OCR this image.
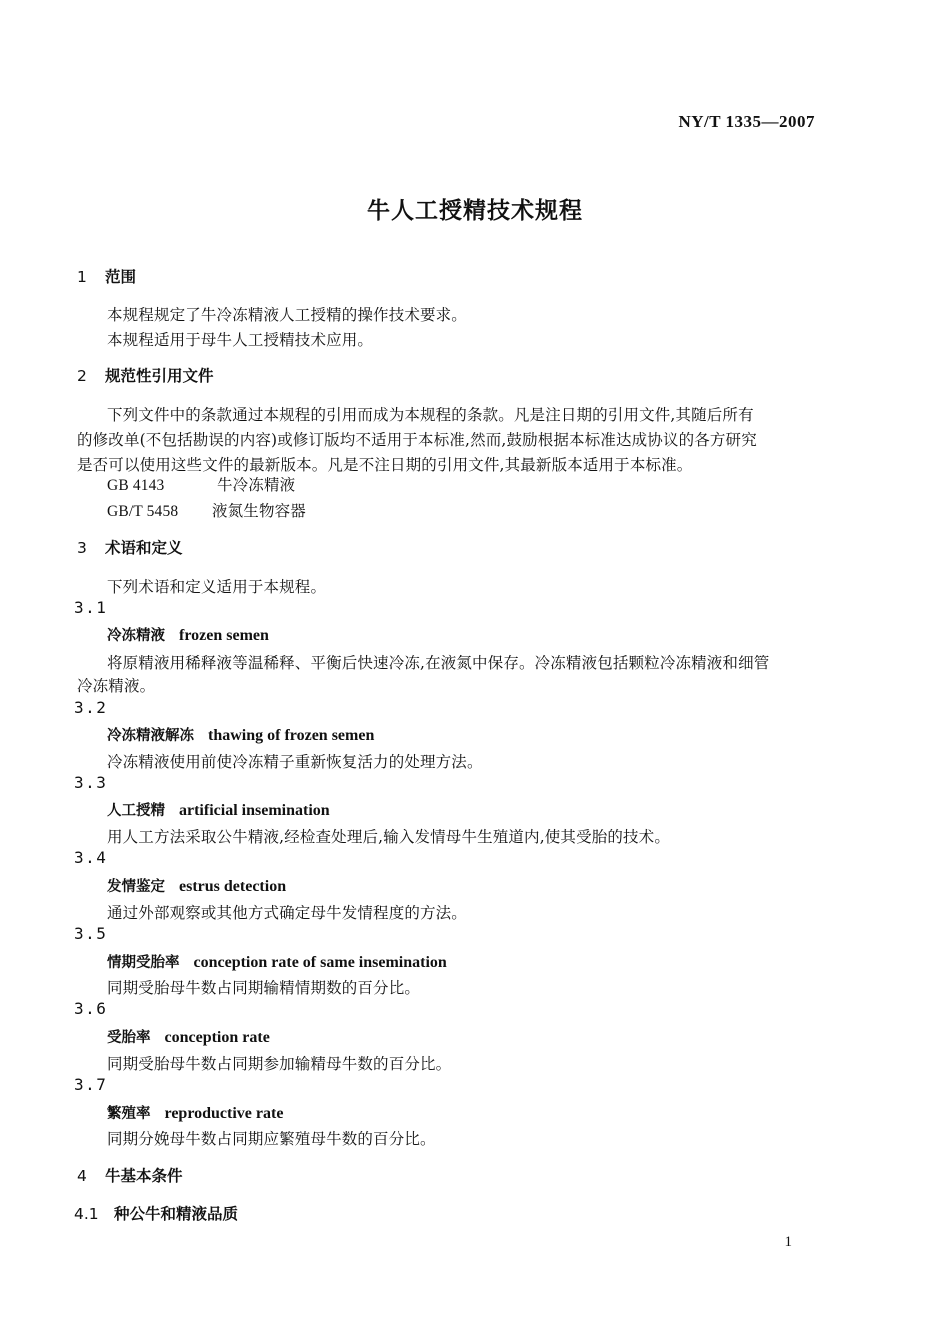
NY/T 1335—2007
牛人工授精技术规程
1 范围
本规程规定了牛冷冻精液人工授精的操作技术要求。
本规程适用于母牛人工授精技术应用。
2 规范性引用文件
下列文件中的条款通过本规程的引用而成为本规程的条款。凡是注日期的引用文件,其随后所有
的修改单(不包括勘误的内容)或修订版均不适用于本标准,然而,鼓励根据本标准达成协议的各方研究
是否可以使用这些文件的最新版本。凡是不注日期的引用文件,其最新版本适用于本标准。
GB 4143	牛冷冻精液
GB/T 5458 液氮生物容器
3 术语和定义
下列术语和定义适用于本规程。
3.1
冷冻精液 frozen semen
将原精液用稀释液等温稀释、平衡后快速冷冻,在液氮中保存。冷冻精液包括颗粒冷冻精液和细管
冷冻精液。
3.2
冷冻精液解冻 thawing of frozen semen
冷冻精液使用前使冷冻精子重新恢复活力的处理方法。
3.3
人工授精 artificial insemination
用人工方法采取公牛精液,经检查处理后,输入发情母牛生殖道内,使其受胎的技术。
3.4
发情鉴定 estrus detection
通过外部观察或其他方式确定母牛发情程度的方法。
3.5
情期受胎率 conception rate of same insemination
同期受胎母牛数占同期输精情期数的百分比。
3.6
受胎率 conception rate
同期受胎母牛数占同期参加输精母牛数的百分比。
3.7
繁殖率 reproductive rate
同期分娩母牛数占同期应繁殖母牛数的百分比。
4 牛基本条件
4.1 种公牛和精液品质
1
